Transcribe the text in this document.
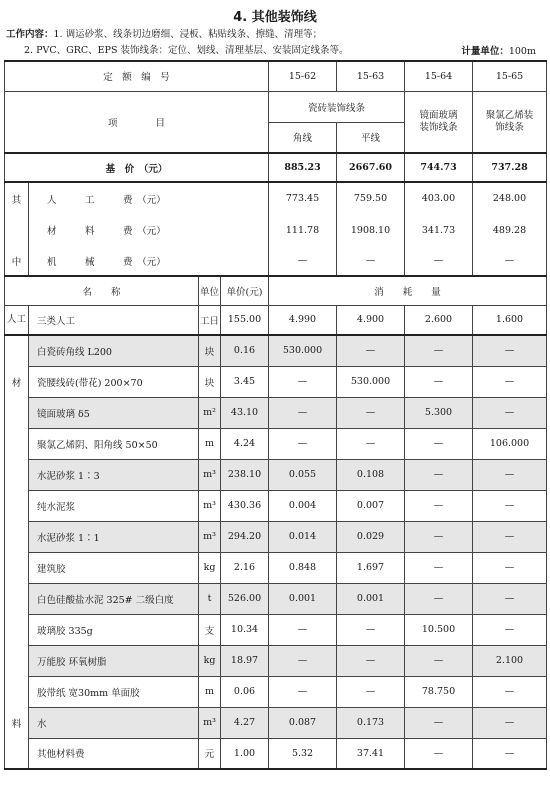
4. 其他装饰线
工作内容：1. 调运砂浆、线条切边磨细、浸板、粘贴线条、擦缝、清理等；
2. PVC、GRC、EPS 装饰线条：定位、划线、清理基层、安装固定线条等。	计量单位：100m
定　额　编　号				15-62	15-63	15-64	15-65
项　　　　目				瓷砖装饰线条		镜面玻璃装饰线条	聚氯乙烯装饰线条
				角线	平线		
基　价　（元）				885.23	2667.60	744.73	737.28
其	人　　　工　　　费　（元）			773.45	759.50	403.00	248.00
	材　　　料　　　费　（元）			111.78	1908.10	341.73	489.28
中	机　　　械　　　费　（元）			—	—	—	—
名　　称		单位	单价(元)	消　　耗　　量			
人工	三类人工	工日	155.00	4.990	4.900	2.600	1.600
	白瓷砖角线 L200	块	0.16	530.000	—	—	—
材	瓷腰线砖(带花) 200×70	块	3.45	—	530.000	—	—
	镜面玻璃 δ5	m²	43.10	—	—	5.300	—
	聚氯乙烯阴、阳角线 50×50	m	4.24	—	—	—	106.000
	水泥砂浆 1∶3	m³	238.10	0.055	0.108	—	—
	纯水泥浆	m³	430.36	0.004	0.007	—	—
	水泥砂浆 1∶1	m³	294.20	0.014	0.029	—	—
	建筑胶	kg	2.16	0.848	1.697	—	—
	白色硅酸盐水泥 325# 二级白度	t	526.00	0.001	0.001	—	—
	玻璃胶 335g	支	10.34	—	—	10.500	—
	万能胶 环氧树脂	kg	18.97	—	—	—	2.100
	胶带纸 宽30mm 单面胶	m	0.06	—	—	78.750	—
料	水	m³	4.27	0.087	0.173	—	—
	其他材料费	元	1.00	5.32	37.41	—	—
